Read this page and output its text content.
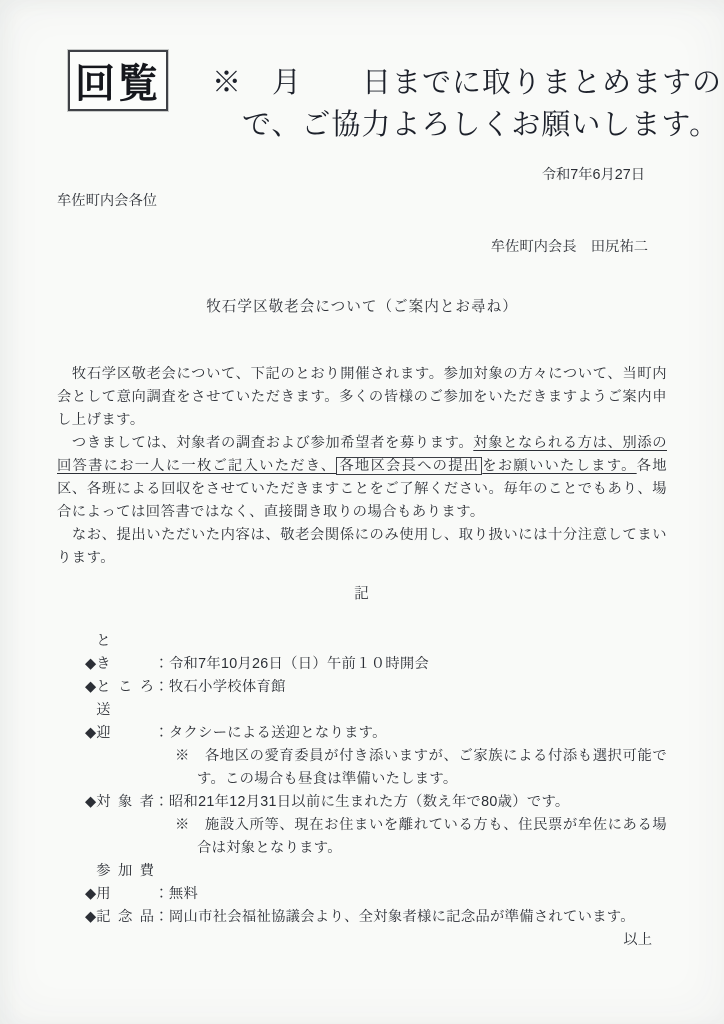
回覧 ※　月　　日までに取りまとめますの
で、ご協力よろしくお願いします。
令和7年6月27日
牟佐町内会各位
牟佐町内会長　田尻祐二
牧石学区敬老会について（ご案内とお尋ね）

　牧石学区敬老会について、下記のとおり開催されます。参加対象の方々について、当町内会として意向調査をさせていただきます。多くの皆様のご参加をいただきますようご案内申し上げます。

　つきましては、対象者の調査および参加希望者を募ります。対象となられる方は、別添の回答書にお一人に一枚ご記入いただき、 各地区会長への提出 をお願いいたします。各地区、各班による回収をさせていただきますことをご了解ください。毎年のことでもあり、場合によっては回答書ではなく、直接聞き取りの場合もあります。

　なお、提出いただいた内容は、敬老会関係にのみ使用し、取り扱いには十分注意してまいります。

記
◆と　　き	：令和7年10月26日（日）午前１０時開会
◆と こ ろ：牧石小学校体育館
◆送　　迎	：タクシーによる送迎となります。
※　各地区の愛育委員が付き添いますが、ご家族による付添も選択可能です。この場合も昼食は準備いたします。
◆対 象 者：昭和21年12月31日以前に生まれた方（数え年で80歳）です。
※　施設入所等、現在お住まいを離れている方も、住民票が牟佐にある場合は対象となります。
◆参加費用	：無料
◆記 念 品：岡山市社会福祉協議会より、全対象者様に記念品が準備されています。
以上
